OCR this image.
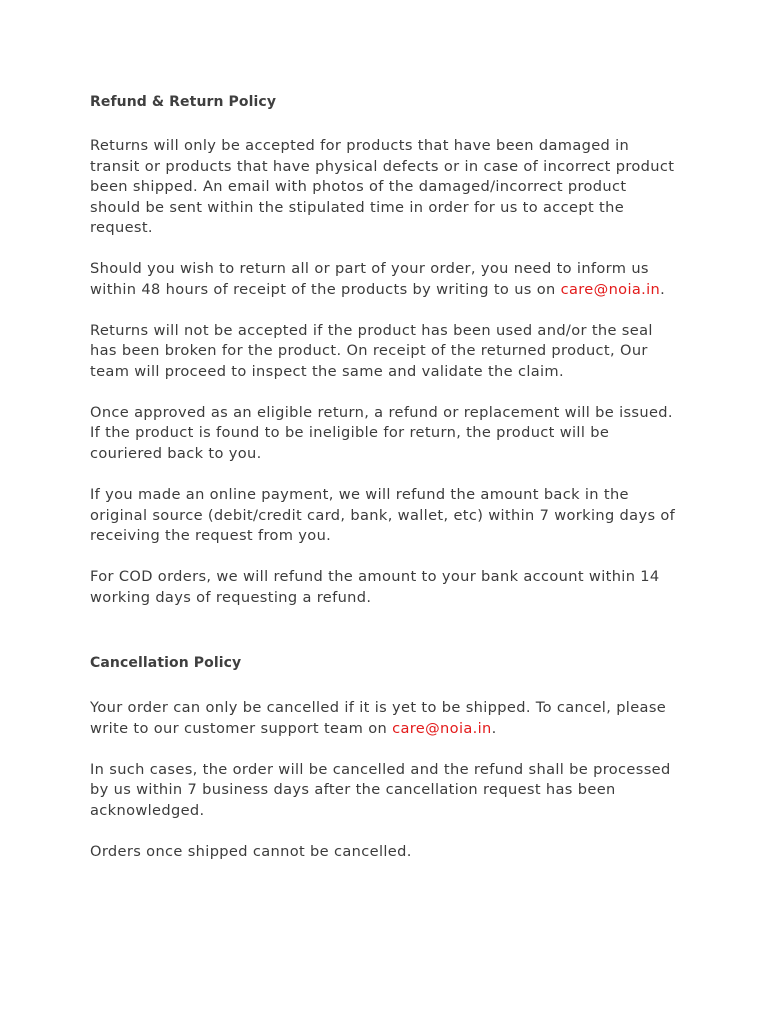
Refund & Return Policy

Returns will only be accepted for products that have been damaged in transit or products that have physical defects or in case of incorrect product been shipped. An email with photos of the damaged/incorrect product should be sent within the stipulated time in order for us to accept the request.

Should you wish to return all or part of your order, you need to inform us within 48 hours of receipt of the products by writing to us on care@noia.in.

Returns will not be accepted if the product has been used and/or the seal has been broken for the product. On receipt of the returned product, Our team will proceed to inspect the same and validate the claim.

Once approved as an eligible return, a refund or replacement will be issued. If the product is found to be ineligible for return, the product will be couriered back to you.

If you made an online payment, we will refund the amount back in the original source (debit/credit card, bank, wallet, etc) within 7 working days of receiving the request from you.

For COD orders, we will refund the amount to your bank account within 14 working days of requesting a refund.

Cancellation Policy

Your order can only be cancelled if it is yet to be shipped. To cancel, please write to our customer support team on care@noia.in.

In such cases, the order will be cancelled and the refund shall be processed by us within 7 business days after the cancellation request has been acknowledged.

Orders once shipped cannot be cancelled.
